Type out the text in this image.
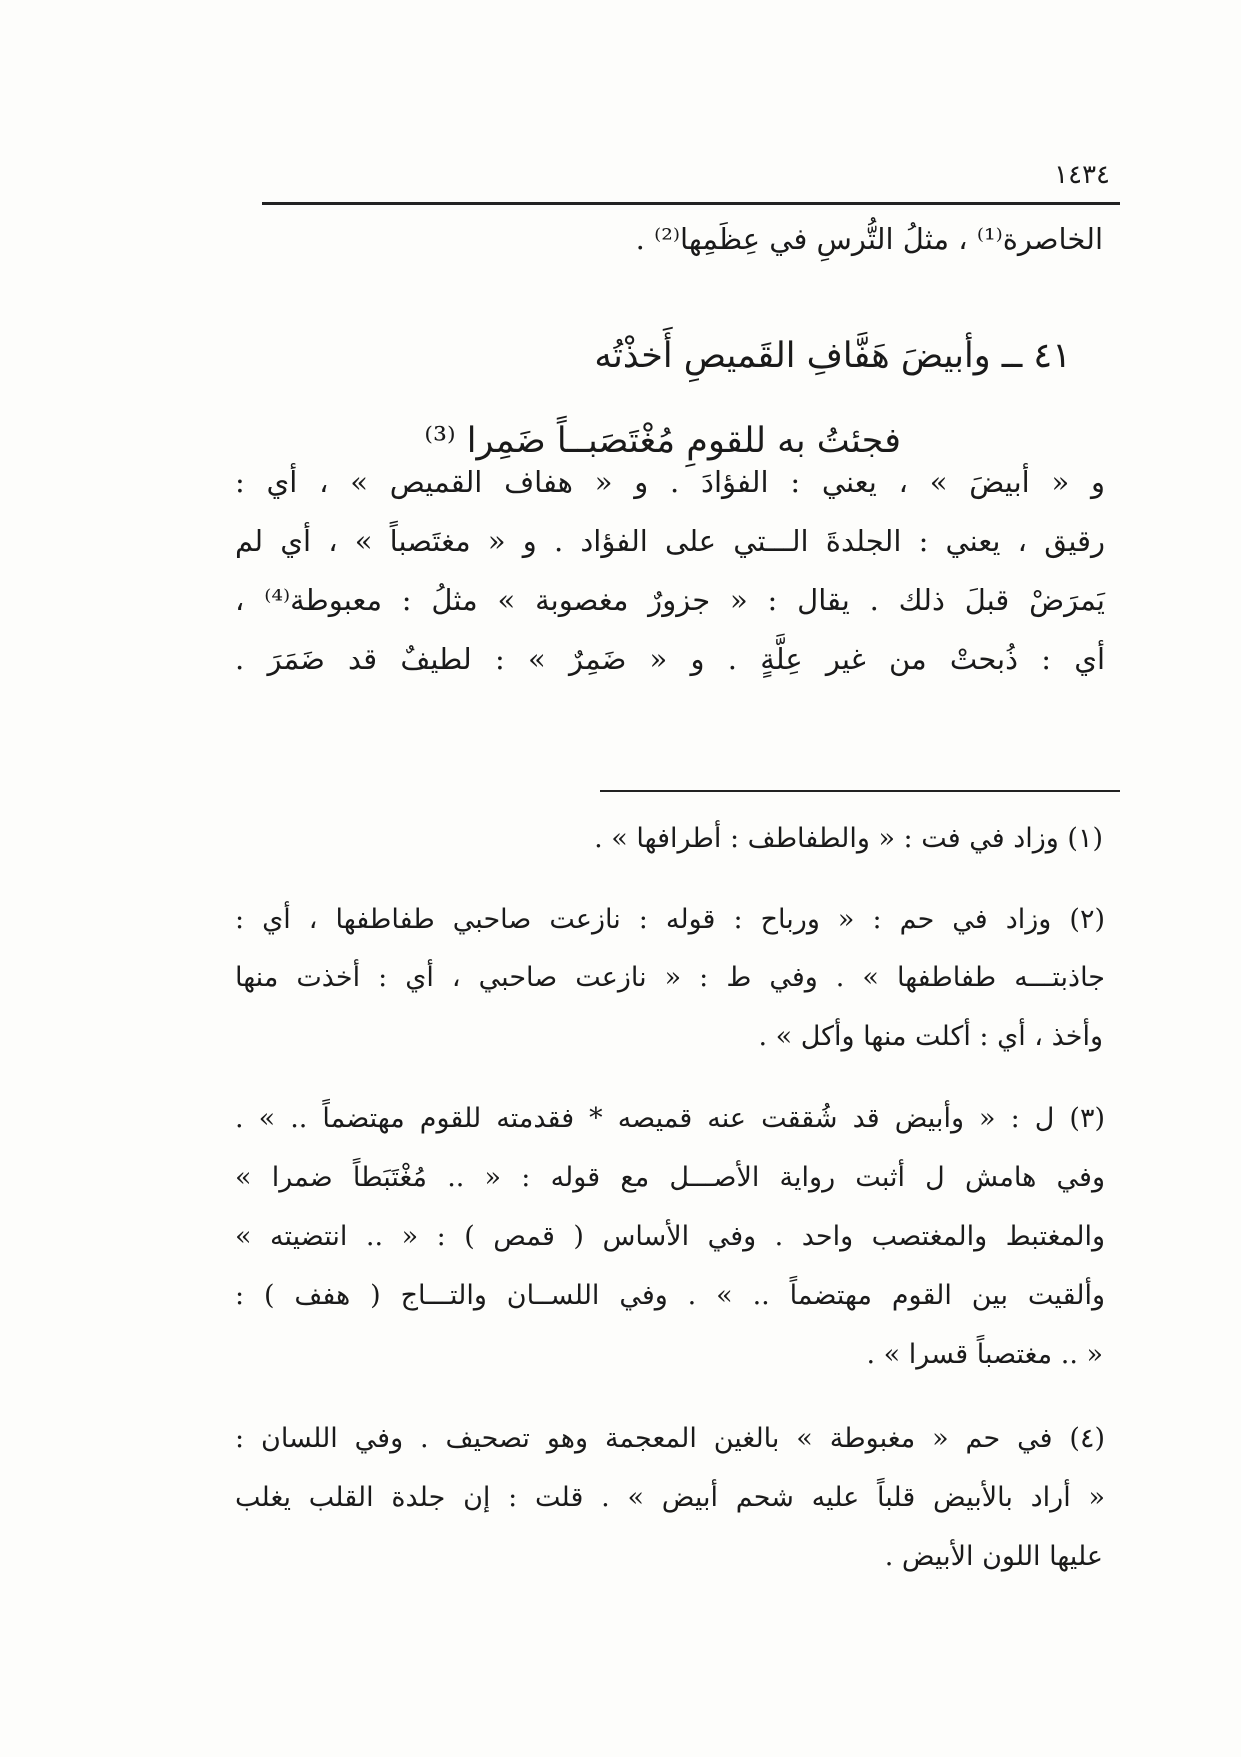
١٤٣٤
الخاصرة⁽¹⁾ ، مثلُ التُّرسِ في عِظَمِها⁽²⁾ .
٤١ ــ وأبيضَ هَفَّافِ القَميصِ أَخذْتُه
فجئتُ به للقومِ مُغْتَصَبــاً ضَمِرا ⁽³⁾
و « أبيضَ » ، يعني : الفؤادَ . و « هفاف القميص » ، أي :
رقيق ، يعني : الجلدةَ الـــتي على الفؤاد . و « مغتَصباً » ، أي لم
يَمرَضْ قبلَ ذلك . يقال : « جزورٌ مغصوبة » مثلُ : معبوطة⁽⁴⁾ ،
أي : ذُبحتْ من غير عِلَّةٍ . و « ضَمِرٌ » : لطيفٌ قد ضَمَرَ .
(١) وزاد في فت : « والطفاطف : أطرافها » .
(٢) وزاد في حم : « ورباح : قوله : نازعت صاحبي طفاطفها ، أي :
جاذبتـــه طفاطفها » . وفي ط : « نازعت صاحبي ، أي : أخذت منها
وأخذ ، أي : أكلت منها وأكل » .
(٣) ل : « وأبيض قد شُققت عنه قميصه * فقدمته للقوم مهتضماً .. » .
وفي هامش ل أثبت رواية الأصـــل مع قوله : « .. مُغْتَبَطاً ضمرا »
والمغتبط والمغتصب واحد . وفي الأساس ( قمص ) : « .. انتضيته »
وألقيت بين القوم مهتضماً .. » . وفي اللســان والتـــاج ( هفف ) :
« .. مغتصباً قسرا » .
(٤) في حم « مغبوطة » بالغين المعجمة وهو تصحيف . وفي اللسان :
« أراد بالأبيض قلباً عليه شحم أبيض » . قلت : إن جلدة القلب يغلب
عليها اللون الأبيض .
